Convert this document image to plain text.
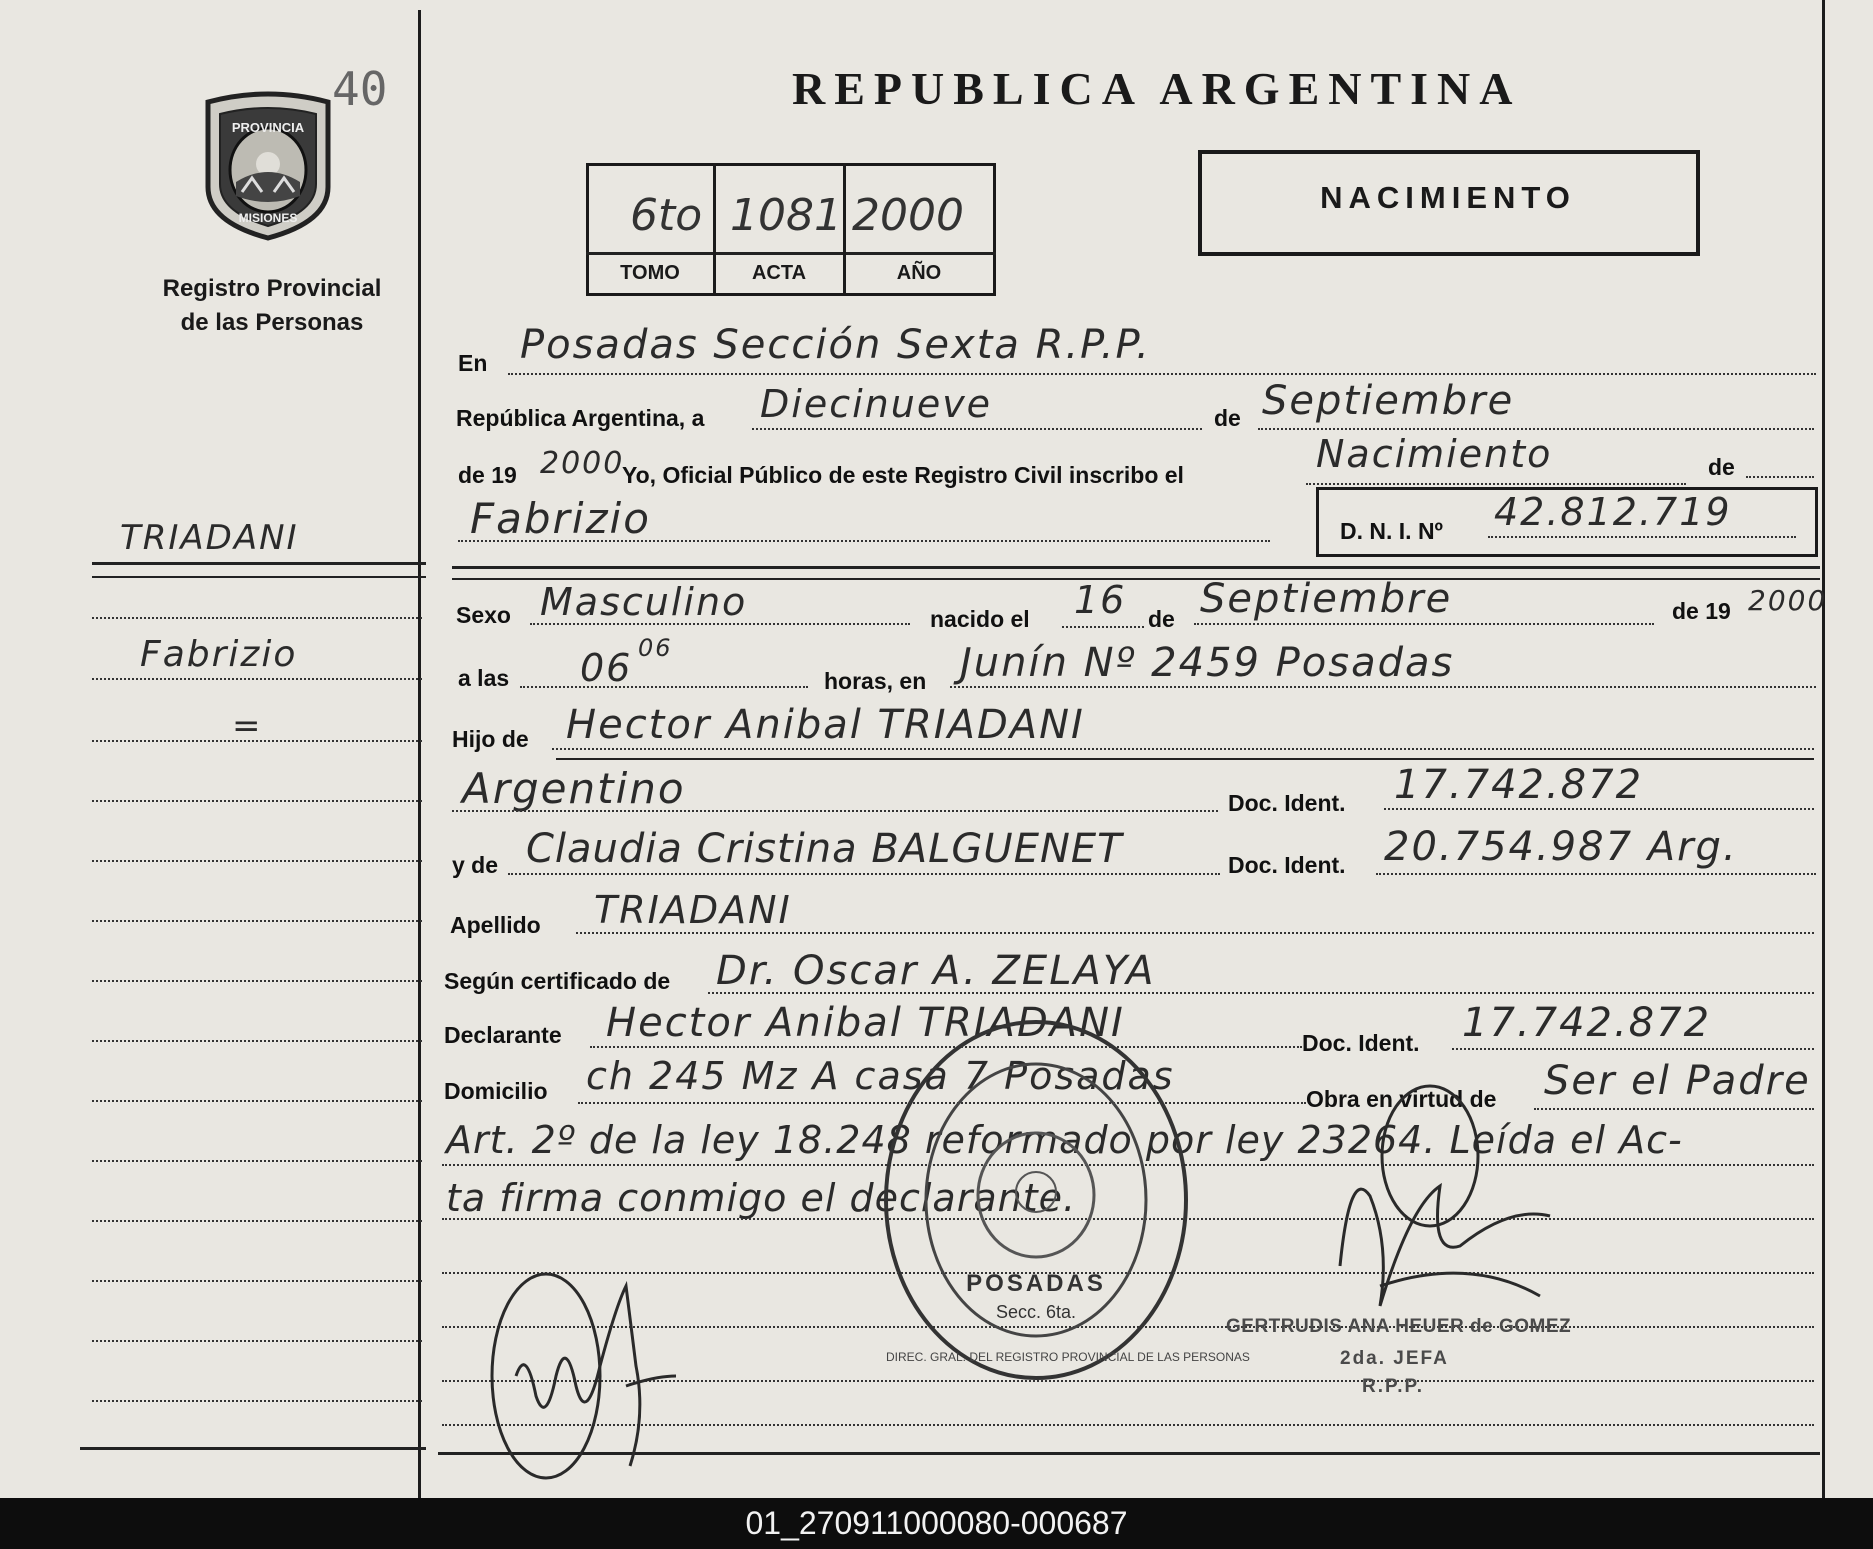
40
PROVINCIA
MISIONES
Registro Provincial
de las Personas
REPUBLICA ARGENTINA
6to 1081 2000
TOMO	ACTA	AÑO
NACIMIENTO
TRIADANI
Fabrizio
=
En Posadas Sección Sexta R.P.P.
República Argentina, a Diecinueve	de Septiembre
de 19 2000
Yo, Oficial Público de este Registro Civil inscribo el	Nacimiento	de
Fabrizio	D. N. I. Nº 42.812.719
Sexo Masculino	nacido el 16 de Septiembre	de 19 2000
a las 06 06
horas, en Junín Nº 2459 Posadas
Hijo de Hector Anibal TRIADANI
Argentino	Doc. Ident. 17.742.872
y de Claudia Cristina BALGUENET	Doc. Ident. 20.754.987 Arg.
Apellido TRIADANI
Según certificado de Dr. Oscar A. ZELAYA
Declarante Hector Anibal TRIADANI	Doc. Ident. 17.742.872
Domicilio ch 245 Mz A casa 7 Posadas
Obra en virtud de Ser el Padre
Art. 2º de la ley 18.248 reformado por ley 23264. Leída el Ac-
ta firma conmigo el declarante.
POSADAS
Secc. 6ta.
DIREC. GRAL. DEL REGISTRO PROVINCIAL DE LAS PERSONAS
GERTRUDIS ANA HEUER de GOMEZ
2da. JEFA
R.P.P.
01_270911000080-000687
